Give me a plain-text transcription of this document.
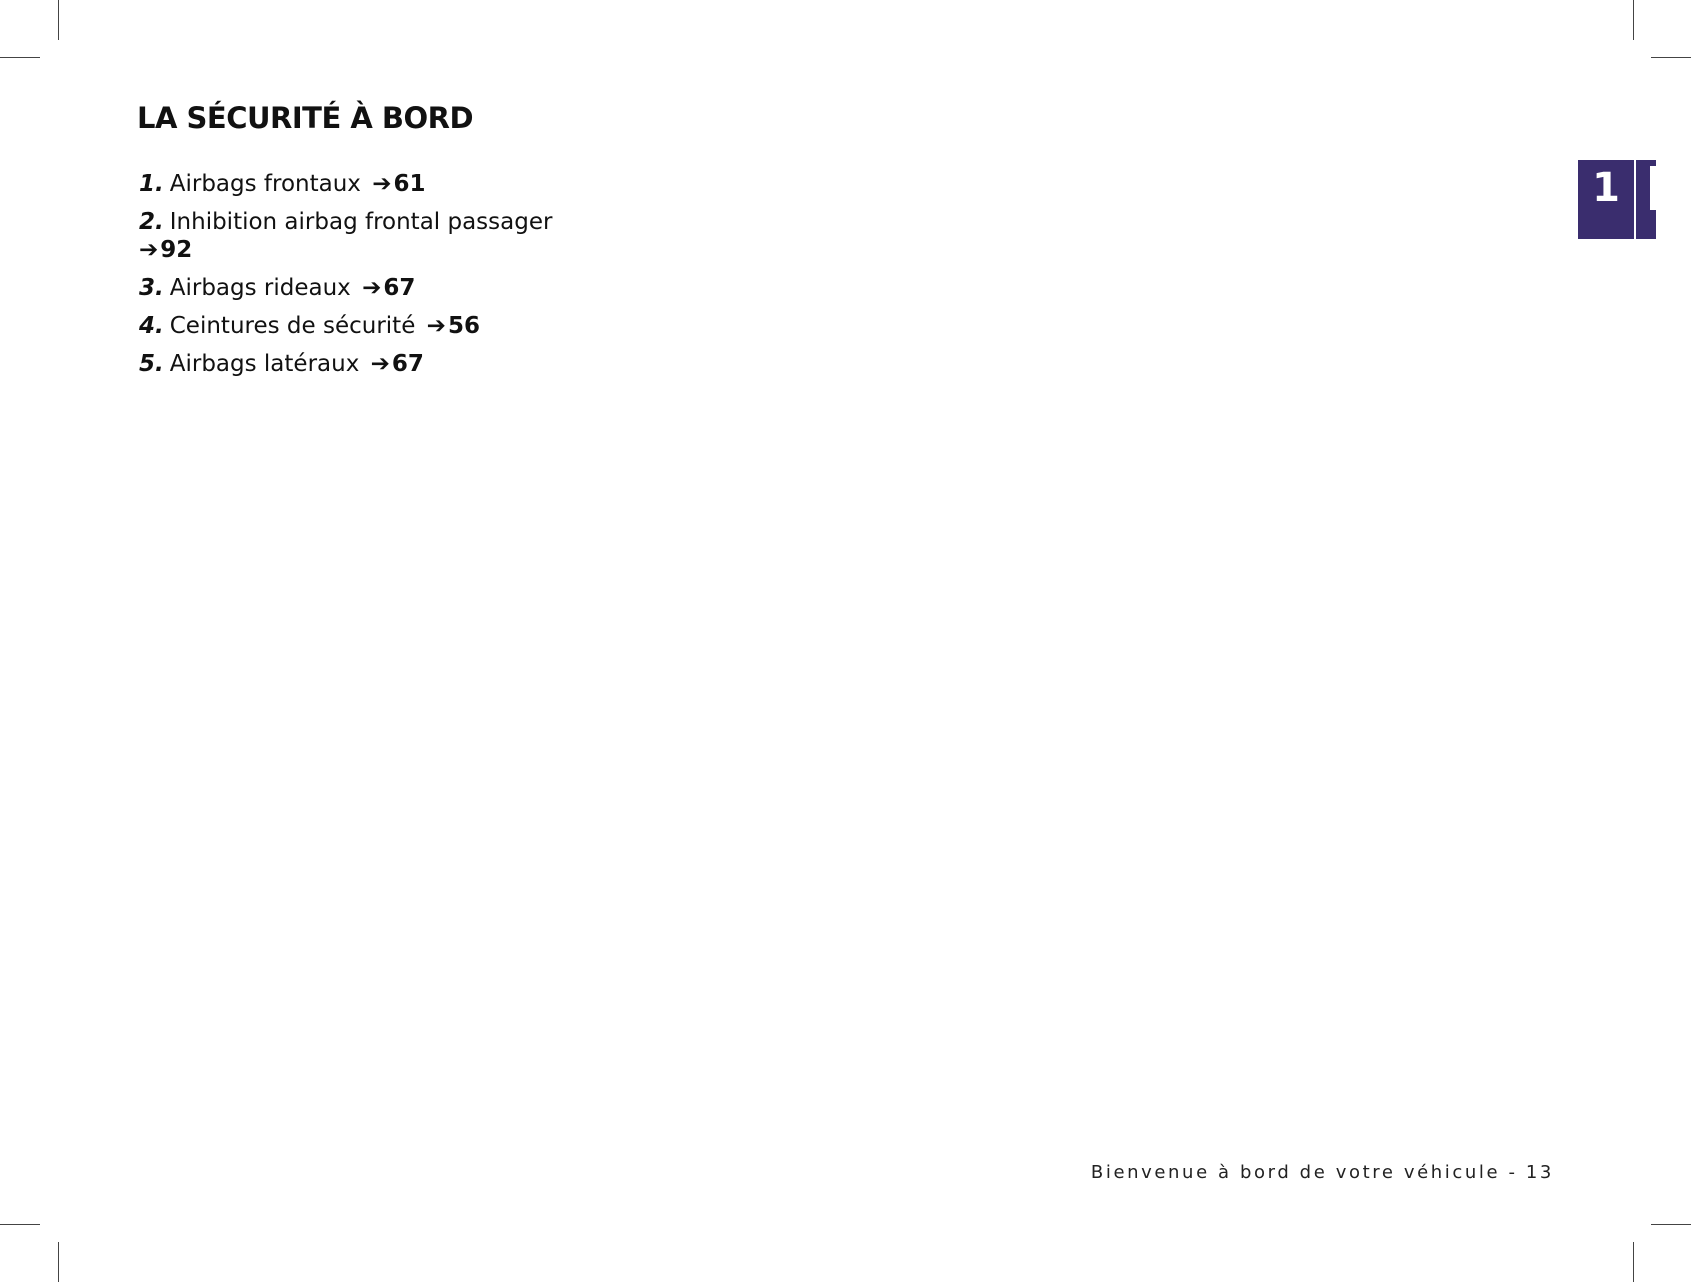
LA SÉCURITÉ À BORD
1. Airbags frontaux ➔61
2. Inhibition airbag frontal passager
➔92
3. Airbags rideaux ➔67
4. Ceintures de sécurité ➔56
5. Airbags latéraux ➔67
1
Bienvenue à bord de votre véhicule - 13
